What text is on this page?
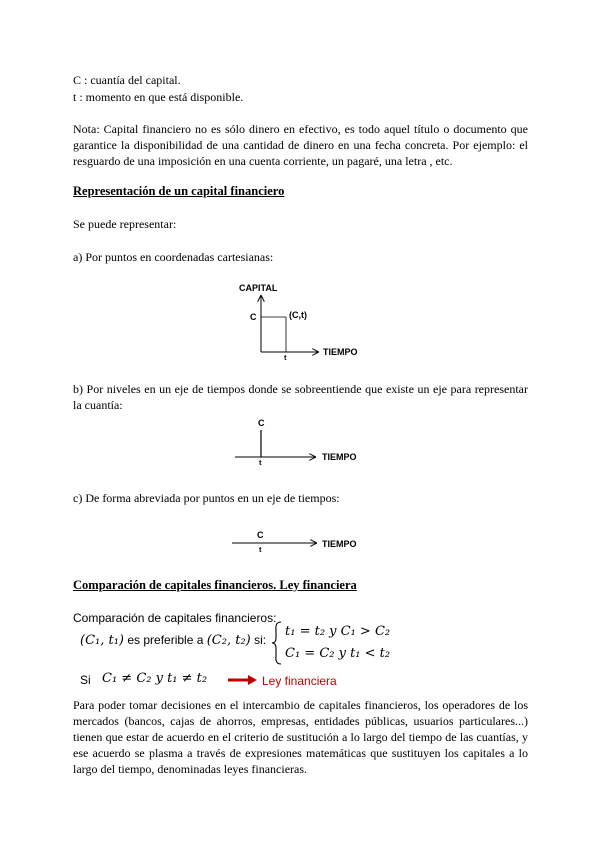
C : cuantía del capital.
t : momento en que está disponible.
Nota: Capital financiero no es sólo dinero en efectivo, es todo aquel título o documento que garantice la disponibilidad de una cantidad de dinero en una fecha concreta. Por ejemplo: el resguardo de una imposición en una cuenta corriente, un pagaré, una letra , etc.
Representación de un capital financiero
Se puede representar:
a) Por puntos en coordenadas cartesianas:
CAPITAL
C	(C,t)
t
TIEMPO
b) Por niveles en un eje de tiempos donde se sobreentiende que existe un eje para representar la cuantía:
C
t
TIEMPO
c) De forma abreviada por puntos en un eje de tiempos:
C
t
TIEMPO
Comparación de capitales financieros. Ley financiera
Comparación de capitales financieros:
(C₁, t₁) es preferible a (C₂, t₂) si:
t₁ = t₂ y C₁ > C₂
C₁ = C₂ y t₁ < t₂
Si C₁ ≠ C₂ y t₁ ≠ t₂	Ley financiera
Para poder tomar decisiones en el intercambio de capitales financieros, los operadores de los mercados (bancos, cajas de ahorros, empresas, entidades públicas, usuarios particulares...) tienen que estar de acuerdo en el criterio de sustitución a lo largo del tiempo de las cuantías, y ese acuerdo se plasma a través de expresiones matemáticas que sustituyen los capitales a lo largo del tiempo, denominadas leyes financieras.
